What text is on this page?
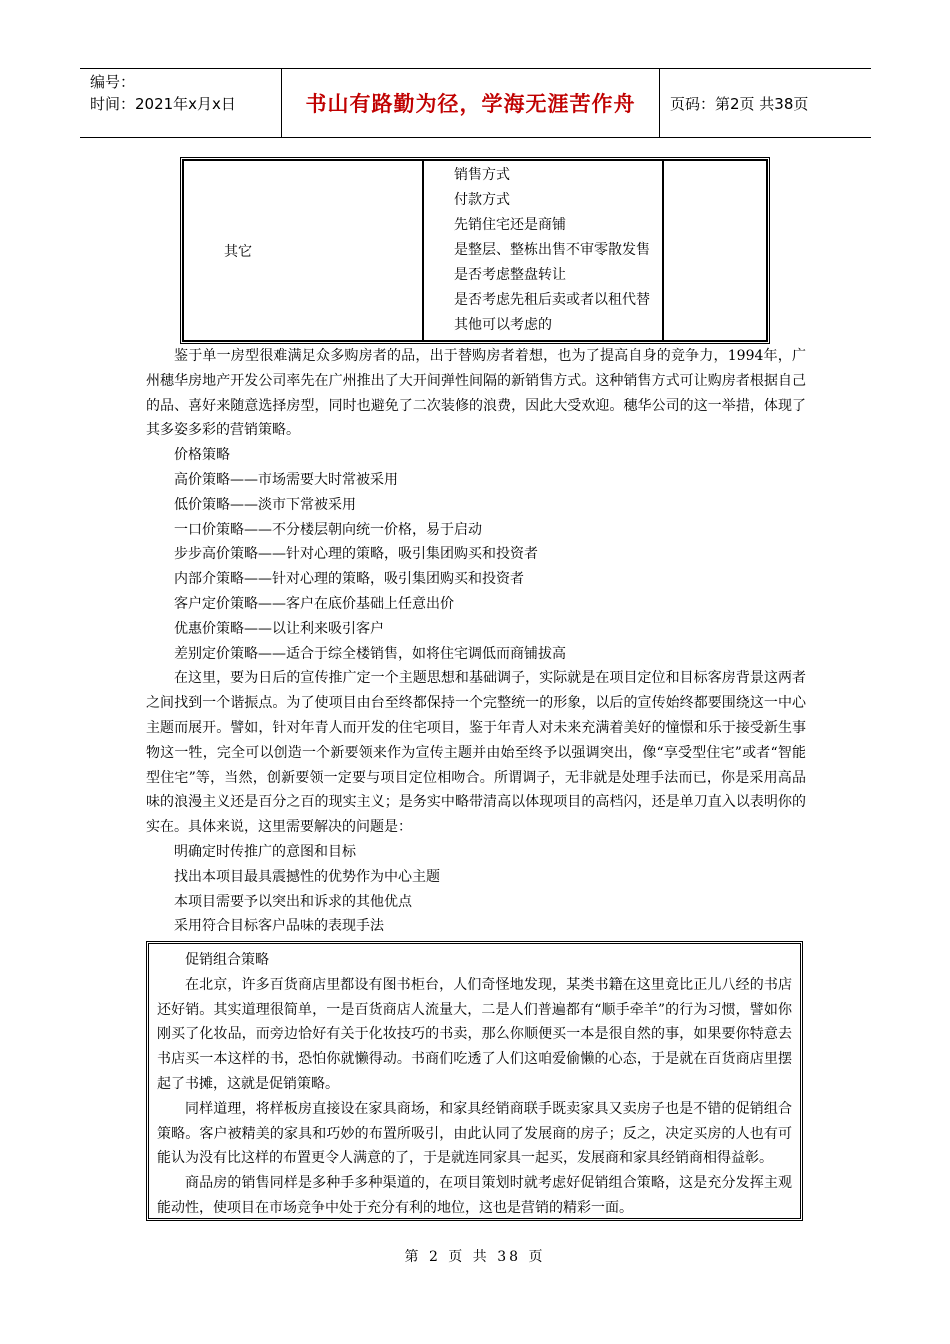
编号：
时间：2021年x月x日	书山有路勤为径，学海无涯苦作舟	页码：第2页 共38页
其它	
销售方式
付款方式
先销住宅还是商铺
是整层、整栋出售不审零散发售
是否考虑整盘转让
是否考虑先租后卖或者以租代替
其他可以考虑的

鉴于单一房型很难满足众多购房者的品，出于替购房者着想，也为了提高自身的竞争力，1994年，广州穗华房地产开发公司率先在广州推出了大开间弹性间隔的新销售方式。这种销售方式可让购房者根据自己的品、喜好来随意选择房型，同时也避免了二次装修的浪费，因此大受欢迎。穗华公司的这一举措，体现了其多姿多彩的营销策略。

价格策略
高价策略——市场需要大时常被采用
低价策略——淡市下常被采用
一口价策略——不分楼层朝向统一价格，易于启动
步步高价策略——针对心理的策略，吸引集团购买和投资者
内部介策略——针对心理的策略，吸引集团购买和投资者
客户定价策略——客户在底价基础上任意出价
优惠价策略——以让利来吸引客户
差别定价策略——适合于综全楼销售，如将住宅调低而商铺拔高

在这里，要为日后的宣传推广定一个主题思想和基础调子，实际就是在项目定位和目标客房背景这两者之间找到一个谐振点。为了使项目由台至终都保持一个完整统一的形象，以后的宣传始终都要围绕这一中心主题而展开。譬如，针对年青人而开发的住宅项目，鉴于年青人对未来充满着美好的憧憬和乐于接受新生事物这一牲，完全可以创造一个新要领来作为宣传主题并由始至终予以强调突出，像“享受型住宅”或者“智能型住宅”等，当然，创新要领一定要与项目定位相吻合。所谓调子，无非就是处理手法而已，你是采用高品味的浪漫主义还是百分之百的现实主义；是务实中略带清高以体现项目的高档闪，还是单刀直入以表明你的实在。具体来说，这里需要解决的问题是：

明确定时传推广的意图和目标
找出本项目最具震撼性的优势作为中心主题
本项目需要予以突出和诉求的其他优点
采用符合目标客户品味的表现手法

促销组合策略

在北京，许多百货商店里都设有图书柜台，人们奇怪地发现，某类书籍在这里竟比正儿八经的书店还好销。其实道理很简单，一是百货商店人流量大，二是人们普遍都有“顺手牵羊”的行为习惯，譬如你刚买了化妆品，而旁边恰好有关于化妆技巧的书卖，那么你顺便买一本是很自然的事，如果要你特意去书店买一本这样的书，恐怕你就懒得动。书商们吃透了人们这咱爱偷懒的心态，于是就在百货商店里摆起了书摊，这就是促销策略。

同样道理，将样板房直接设在家具商场，和家具经销商联手既卖家具又卖房子也是不错的促销组合策略。客户被精美的家具和巧妙的布置所吸引，由此认同了发展商的房子；反之，决定买房的人也有可能认为没有比这样的布置更令人满意的了，于是就连同家具一起买，发展商和家具经销商相得益彰。

商品房的销售同样是多种手多种渠道的，在项目策划时就考虑好促销组合策略，这是充分发挥主观能动性，使项目在市场竞争中处于充分有利的地位，这也是营销的精彩一面。

第 2 页 共 38 页
